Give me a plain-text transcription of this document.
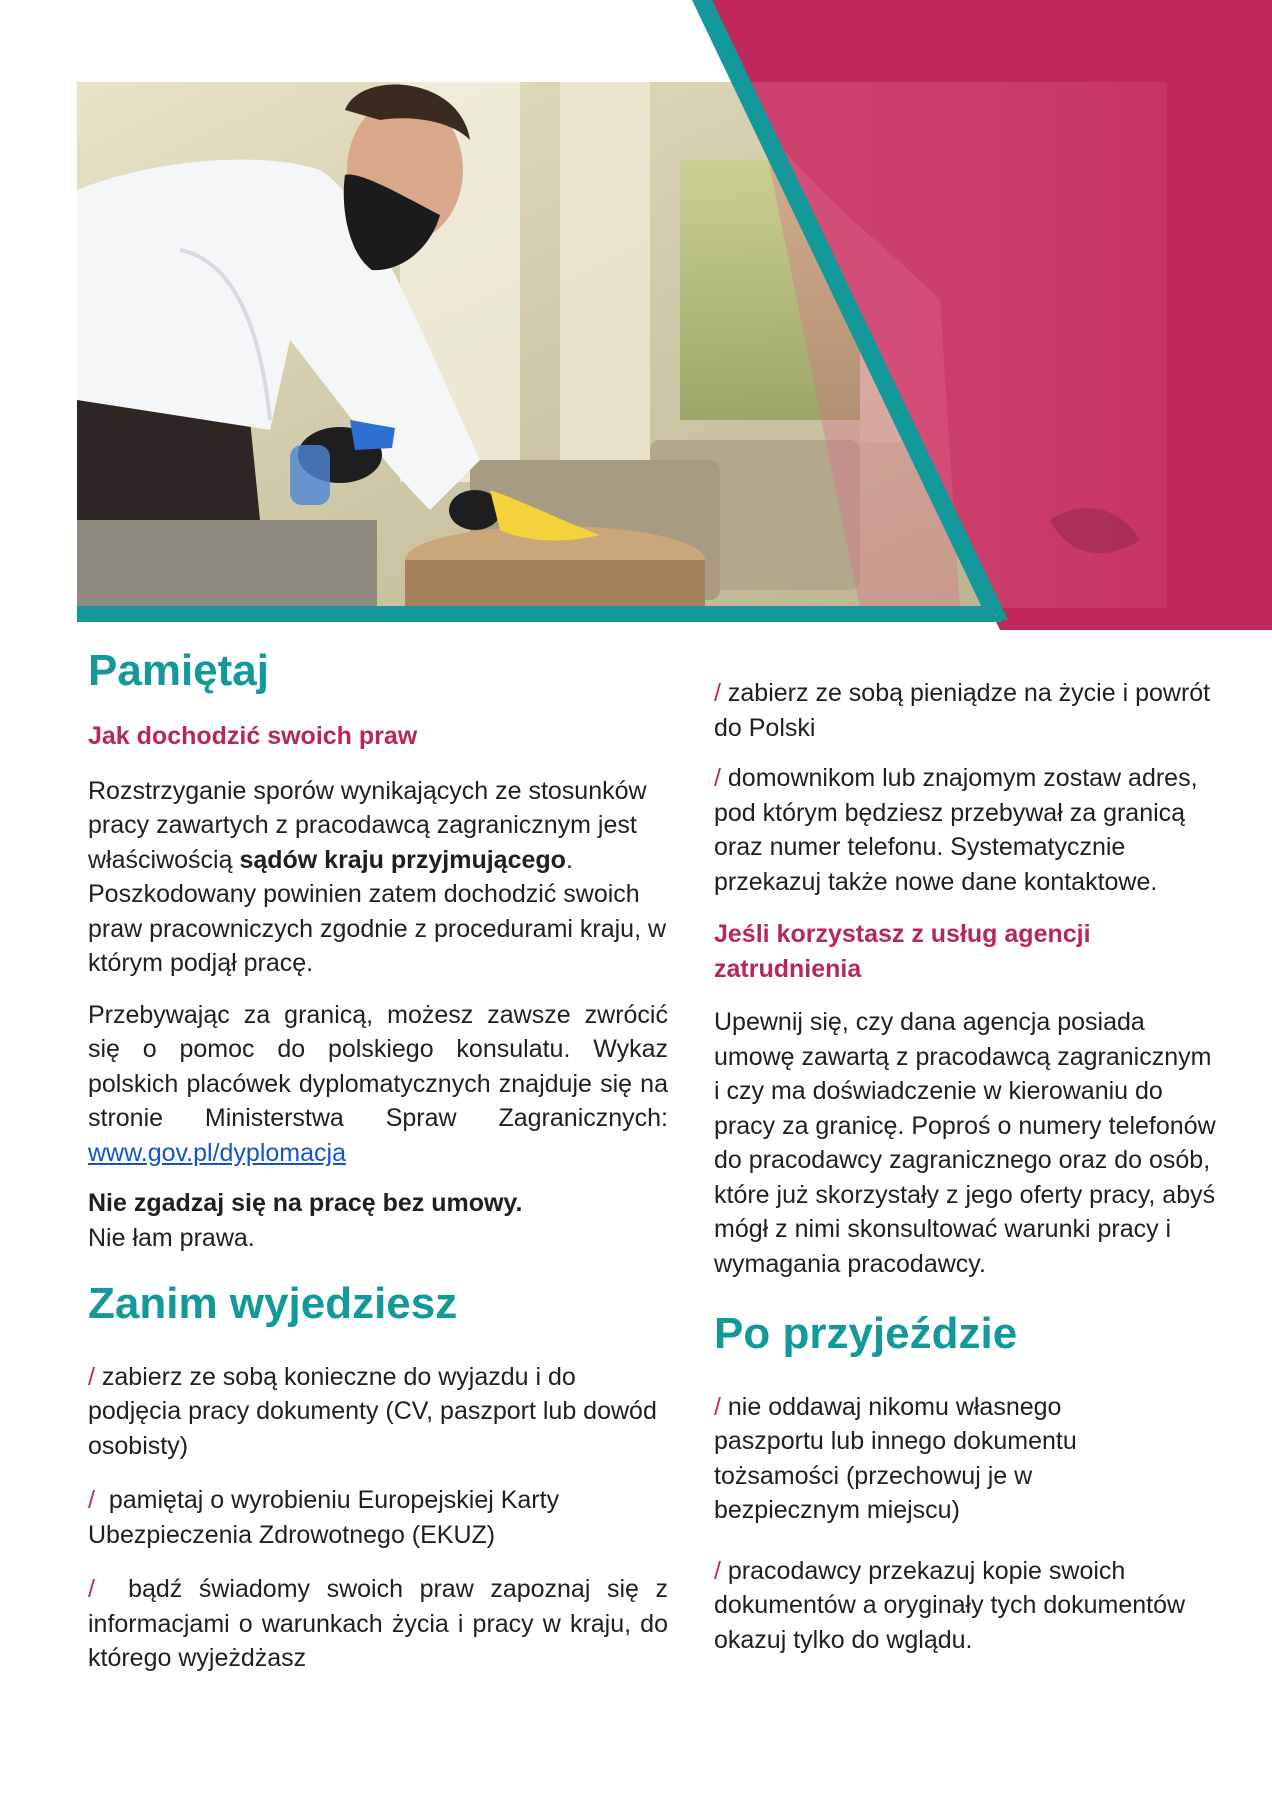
Pamiętaj
Jak dochodzić swoich praw

Rozstrzyganie sporów wynikających ze stosunków pracy zawartych z pracodawcą zagranicznym jest właściwością sądów kraju przyjmującego. Poszkodowany powinien zatem dochodzić swoich praw pracowniczych zgodnie z procedurami kraju, w którym podjął pracę.

Przebywając za granicą, możesz zawsze zwrócić się o pomoc do polskiego konsulatu. Wykaz polskich placówek dyplomatycznych znajduje się na stronie Ministerstwa Spraw Zagranicznych: www.gov.pl/dyplomacja

Nie zgadzaj się na pracę bez umowy.
Nie łam prawa.

Zanim wyjedziesz

/ zabierz ze sobą konieczne do wyjazdu i do podjęcia pracy dokumenty (CV, paszport lub dowód osobisty)

/ pamiętaj o wyrobieniu Europejskiej Karty Ubezpieczenia Zdrowotnego (EKUZ)

/ bądź świadomy swoich praw zapoznaj się z informacjami o warunkach życia i pracy w kraju, do którego wyjeżdżasz

/ zabierz ze sobą pieniądze na życie i powrót do Polski

/ domownikom lub znajomym zostaw adres, pod którym będziesz przebywał za granicą oraz numer telefonu. Systematycznie przekazuj także nowe dane kontaktowe.

Jeśli korzystasz z usług agencji zatrudnienia

Upewnij się, czy dana agencja posiada umowę zawartą z pracodawcą zagranicznym i czy ma doświadczenie w kierowaniu do pracy za granicę. Poproś o numery telefonów do pracodawcy zagranicznego oraz do osób, które już skorzystały z jego oferty pracy, abyś mógł z nimi skonsultować warunki pracy i wymagania pracodawcy.

Po przyjeździe

/ nie oddawaj nikomu własnego paszportu lub innego dokumentu tożsamości (przechowuj je w bezpiecznym miejscu)

/ pracodawcy przekazuj kopie swoich dokumentów a oryginały tych dokumentów okazuj tylko do wglądu.
